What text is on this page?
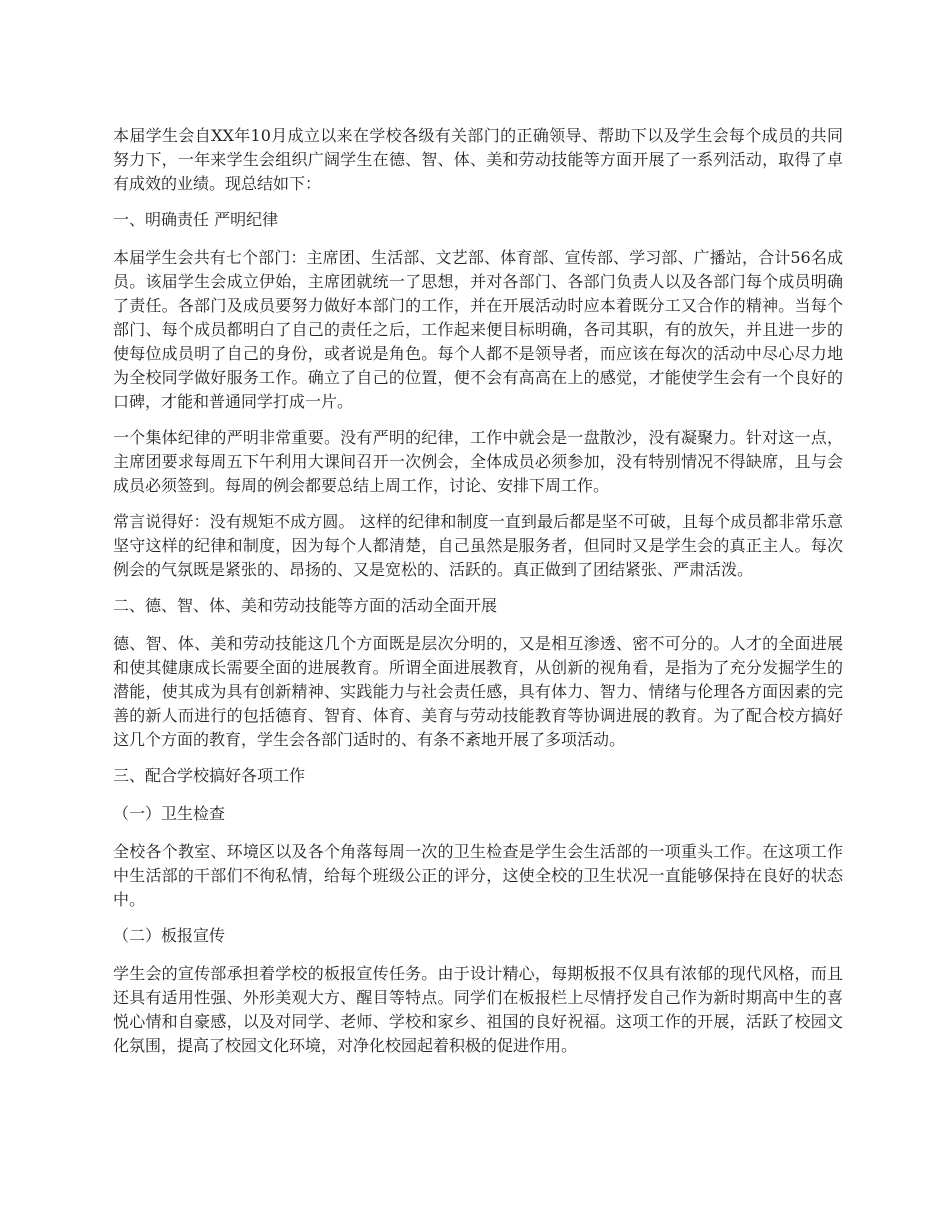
本届学生会自XX年10月成立以来在学校各级有关部门的正确领导、帮助下以及学生会每个成员的共同努力下，一年来学生会组织广阔学生在德、智、体、美和劳动技能等方面开展了一系列活动，取得了卓有成效的业绩。现总结如下：

一、明确责任 严明纪律

本届学生会共有七个部门：主席团、生活部、文艺部、体育部、宣传部、学习部、广播站，合计56名成员。该届学生会成立伊始，主席团就统一了思想，并对各部门、各部门负责人以及各部门每个成员明确了责任。各部门及成员要努力做好本部门的工作，并在开展活动时应本着既分工又合作的精神。当每个部门、每个成员都明白了自己的责任之后，工作起来便目标明确，各司其职，有的放矢，并且进一步的使每位成员明了自己的身份，或者说是角色。每个人都不是领导者，而应该在每次的活动中尽心尽力地为全校同学做好服务工作。确立了自己的位置，便不会有高高在上的感觉，才能使学生会有一个良好的口碑，才能和普通同学打成一片。

一个集体纪律的严明非常重要。没有严明的纪律，工作中就会是一盘散沙，没有凝聚力。针对这一点，主席团要求每周五下午利用大课间召开一次例会，全体成员必须参加，没有特别情况不得缺席，且与会成员必须签到。每周的例会都要总结上周工作，讨论、安排下周工作。

常言说得好：没有规矩不成方圆。 这样的纪律和制度一直到最后都是坚不可破，且每个成员都非常乐意坚守这样的纪律和制度，因为每个人都清楚，自己虽然是服务者，但同时又是学生会的真正主人。每次例会的气氛既是紧张的、昂扬的、又是宽松的、活跃的。真正做到了团结紧张、严肃活泼。

二、德、智、体、美和劳动技能等方面的活动全面开展

德、智、体、美和劳动技能这几个方面既是层次分明的，又是相互渗透、密不可分的。人才的全面进展和使其健康成长需要全面的进展教育。所谓全面进展教育，从创新的视角看，是指为了充分发掘学生的潜能，使其成为具有创新精神、实践能力与社会责任感，具有体力、智力、情绪与伦理各方面因素的完善的新人而进行的包括德育、智育、体育、美育与劳动技能教育等协调进展的教育。为了配合校方搞好这几个方面的教育，学生会各部门适时的、有条不紊地开展了多项活动。

三、配合学校搞好各项工作

（一）卫生检查

全校各个教室、环境区以及各个角落每周一次的卫生检查是学生会生活部的一项重头工作。在这项工作中生活部的干部们不徇私情，给每个班级公正的评分，这使全校的卫生状况一直能够保持在良好的状态中。

（二）板报宣传

学生会的宣传部承担着学校的板报宣传任务。由于设计精心，每期板报不仅具有浓郁的现代风格，而且还具有适用性强、外形美观大方、醒目等特点。同学们在板报栏上尽情抒发自己作为新时期高中生的喜悦心情和自豪感，以及对同学、老师、学校和家乡、祖国的良好祝福。这项工作的开展，活跃了校园文化氛围，提高了校园文化环境，对净化校园起着积极的促进作用。
